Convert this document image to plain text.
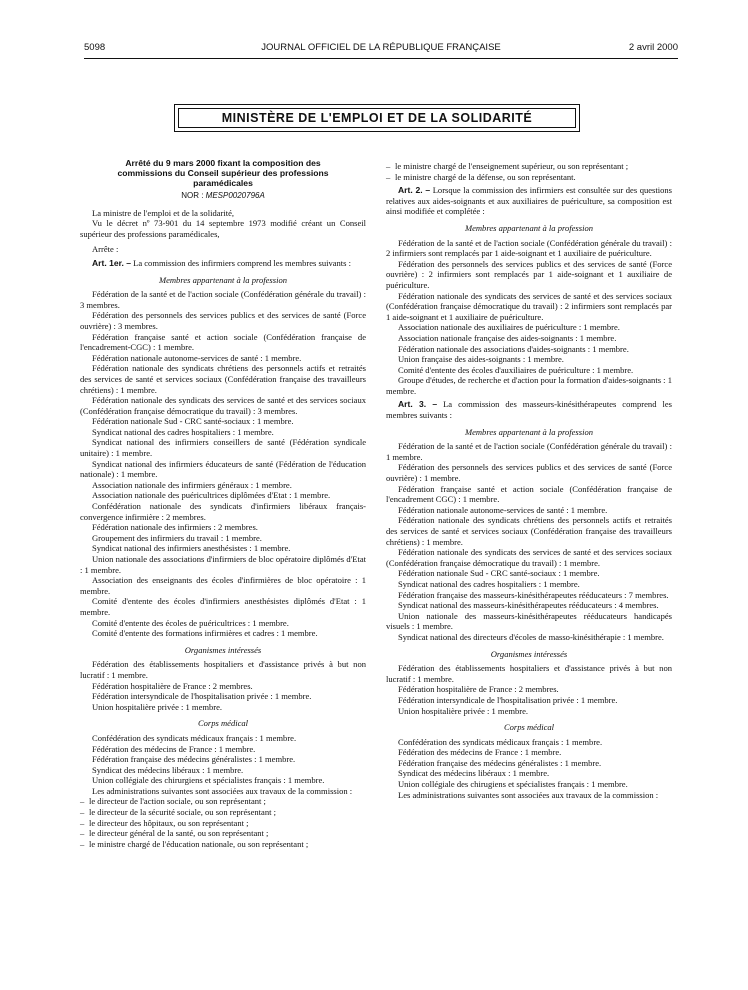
5098	JOURNAL OFFICIEL DE LA RÉPUBLIQUE FRANÇAISE	2 avril 2000
MINISTÈRE DE L'EMPLOI ET DE LA SOLIDARITÉ

Arrêté du 9 mars 2000 fixant la composition des commissions du Conseil supérieur des professions paramédicales

NOR : MESP0020796A

La ministre de l'emploi et de la solidarité,

Vu le décret nº 73-901 du 14 septembre 1973 modifié créant un Conseil supérieur des professions paramédicales,

Arrête :

Art. 1er. – La commission des infirmiers comprend les membres suivants :

Membres appartenant à la profession

Fédération de la santé et de l'action sociale (Confédération générale du travail) : 3 membres.

Fédération des personnels des services publics et des services de santé (Force ouvrière) : 3 membres.

Fédération française santé et action sociale (Confédération française de l'encadrement-CGC) : 1 membre.

Fédération nationale autonome-services de santé : 1 membre.

Fédération nationale des syndicats chrétiens des personnels actifs et retraités des services de santé et services sociaux (Confédération française des travailleurs chrétiens) : 1 membre.

Fédération nationale des syndicats des services de santé et des services sociaux (Confédération française démocratique du travail) : 3 membres.

Fédération nationale Sud - CRC santé-sociaux : 1 membre.

Syndicat national des cadres hospitaliers : 1 membre.

Syndicat national des infirmiers conseillers de santé (Fédération syndicale unitaire) : 1 membre.

Syndicat national des infirmiers éducateurs de santé (Fédération de l'éducation nationale) : 1 membre.

Association nationale des infirmiers généraux : 1 membre.

Association nationale des puéricultrices diplômées d'Etat : 1 membre.

Confédération nationale des syndicats d'infirmiers libéraux français-convergence infirmière : 2 membres.

Fédération nationale des infirmiers : 2 membres.

Groupement des infirmiers du travail : 1 membre.

Syndicat national des infirmiers anesthésistes : 1 membre.

Union nationale des associations d'infirmiers de bloc opératoire diplômés d'Etat : 1 membre.

Association des enseignants des écoles d'infirmières de bloc opératoire : 1 membre.

Comité d'entente des écoles d'infirmiers anesthésistes diplômés d'Etat : 1 membre.

Comité d'entente des écoles de puéricultrices : 1 membre.

Comité d'entente des formations infirmières et cadres : 1 membre.

Organismes intéressés

Fédération des établissements hospitaliers et d'assistance privés à but non lucratif : 1 membre.

Fédération hospitalière de France : 2 membres.

Fédération intersyndicale de l'hospitalisation privée : 1 membre.

Union hospitalière privée : 1 membre.

Corps médical

Confédération des syndicats médicaux français : 1 membre.

Fédération des médecins de France : 1 membre.

Fédération française des médecins généralistes : 1 membre.

Syndicat des médecins libéraux : 1 membre.

Union collégiale des chirurgiens et spécialistes français : 1 membre.

Les administrations suivantes sont associées aux travaux de la commission :

– le directeur de l'action sociale, ou son représentant ;

– le directeur de la sécurité sociale, ou son représentant ;

– le directeur des hôpitaux, ou son représentant ;

– le directeur général de la santé, ou son représentant ;

– le ministre chargé de l'éducation nationale, ou son représentant ;

– le ministre chargé de l'enseignement supérieur, ou son représentant ;

– le ministre chargé de la défense, ou son représentant.

Art. 2. – Lorsque la commission des infirmiers est consultée sur des questions relatives aux aides-soignants et aux auxiliaires de puériculture, sa composition est ainsi modifiée et complétée :

Membres appartenant à la profession

Fédération de la santé et de l'action sociale (Confédération générale du travail) : 2 infirmiers sont remplacés par 1 aide-soignant et 1 auxiliaire de puériculture.

Fédération des personnels des services publics et des services de santé (Force ouvrière) : 2 infirmiers sont remplacés par 1 aide-soignant et 1 auxiliaire de puériculture.

Fédération nationale des syndicats des services de santé et des services sociaux (Confédération française démocratique du travail) : 2 infirmiers sont remplacés par 1 aide-soignant et 1 auxiliaire de puériculture.

Association nationale des auxiliaires de puériculture : 1 membre.

Association nationale française des aides-soignants : 1 membre.

Fédération nationale des associations d'aides-soignants : 1 membre.

Union française des aides-soignants : 1 membre.

Comité d'entente des écoles d'auxiliaires de puériculture : 1 membre.

Groupe d'études, de recherche et d'action pour la formation d'aides-soignants : 1 membre.

Art. 3. – La commission des masseurs-kinésithérapeutes comprend les membres suivants :

Membres appartenant à la profession

Fédération de la santé et de l'action sociale (Confédération générale du travail) : 1 membre.

Fédération des personnels des services publics et des services de santé (Force ouvrière) : 1 membre.

Fédération française santé et action sociale (Confédération française de l'encadrement CGC) : 1 membre.

Fédération nationale autonome-services de santé : 1 membre.

Fédération nationale des syndicats chrétiens des personnels actifs et retraités des services de santé et services sociaux (Confédération française des travailleurs chrétiens) : 1 membre.

Fédération nationale des syndicats des services de santé et des services sociaux (Confédération française démocratique du travail) : 1 membre.

Fédération nationale Sud - CRC santé-sociaux : 1 membre.

Syndicat national des cadres hospitaliers : 1 membre.

Fédération française des masseurs-kinésithérapeutes rééducateurs : 7 membres.

Syndicat national des masseurs-kinésithérapeutes rééducateurs : 4 membres.

Union nationale des masseurs-kinésithérapeutes rééducateurs handicapés visuels : 1 membre.

Syndicat national des directeurs d'écoles de masso-kinésithérapie : 1 membre.

Organismes intéressés

Fédération des établissements hospitaliers et d'assistance privés à but non lucratif : 1 membre.

Fédération hospitalière de France : 2 membres.

Fédération intersyndicale de l'hospitalisation privée : 1 membre.

Union hospitalière privée : 1 membre.

Corps médical

Confédération des syndicats médicaux français : 1 membre.

Fédération des médecins de France : 1 membre.

Fédération française des médecins généralistes : 1 membre.

Syndicat des médecins libéraux : 1 membre.

Union collégiale des chirugiens et spécialistes français : 1 membre.

Les administrations suivantes sont associées aux travaux de la commission :
